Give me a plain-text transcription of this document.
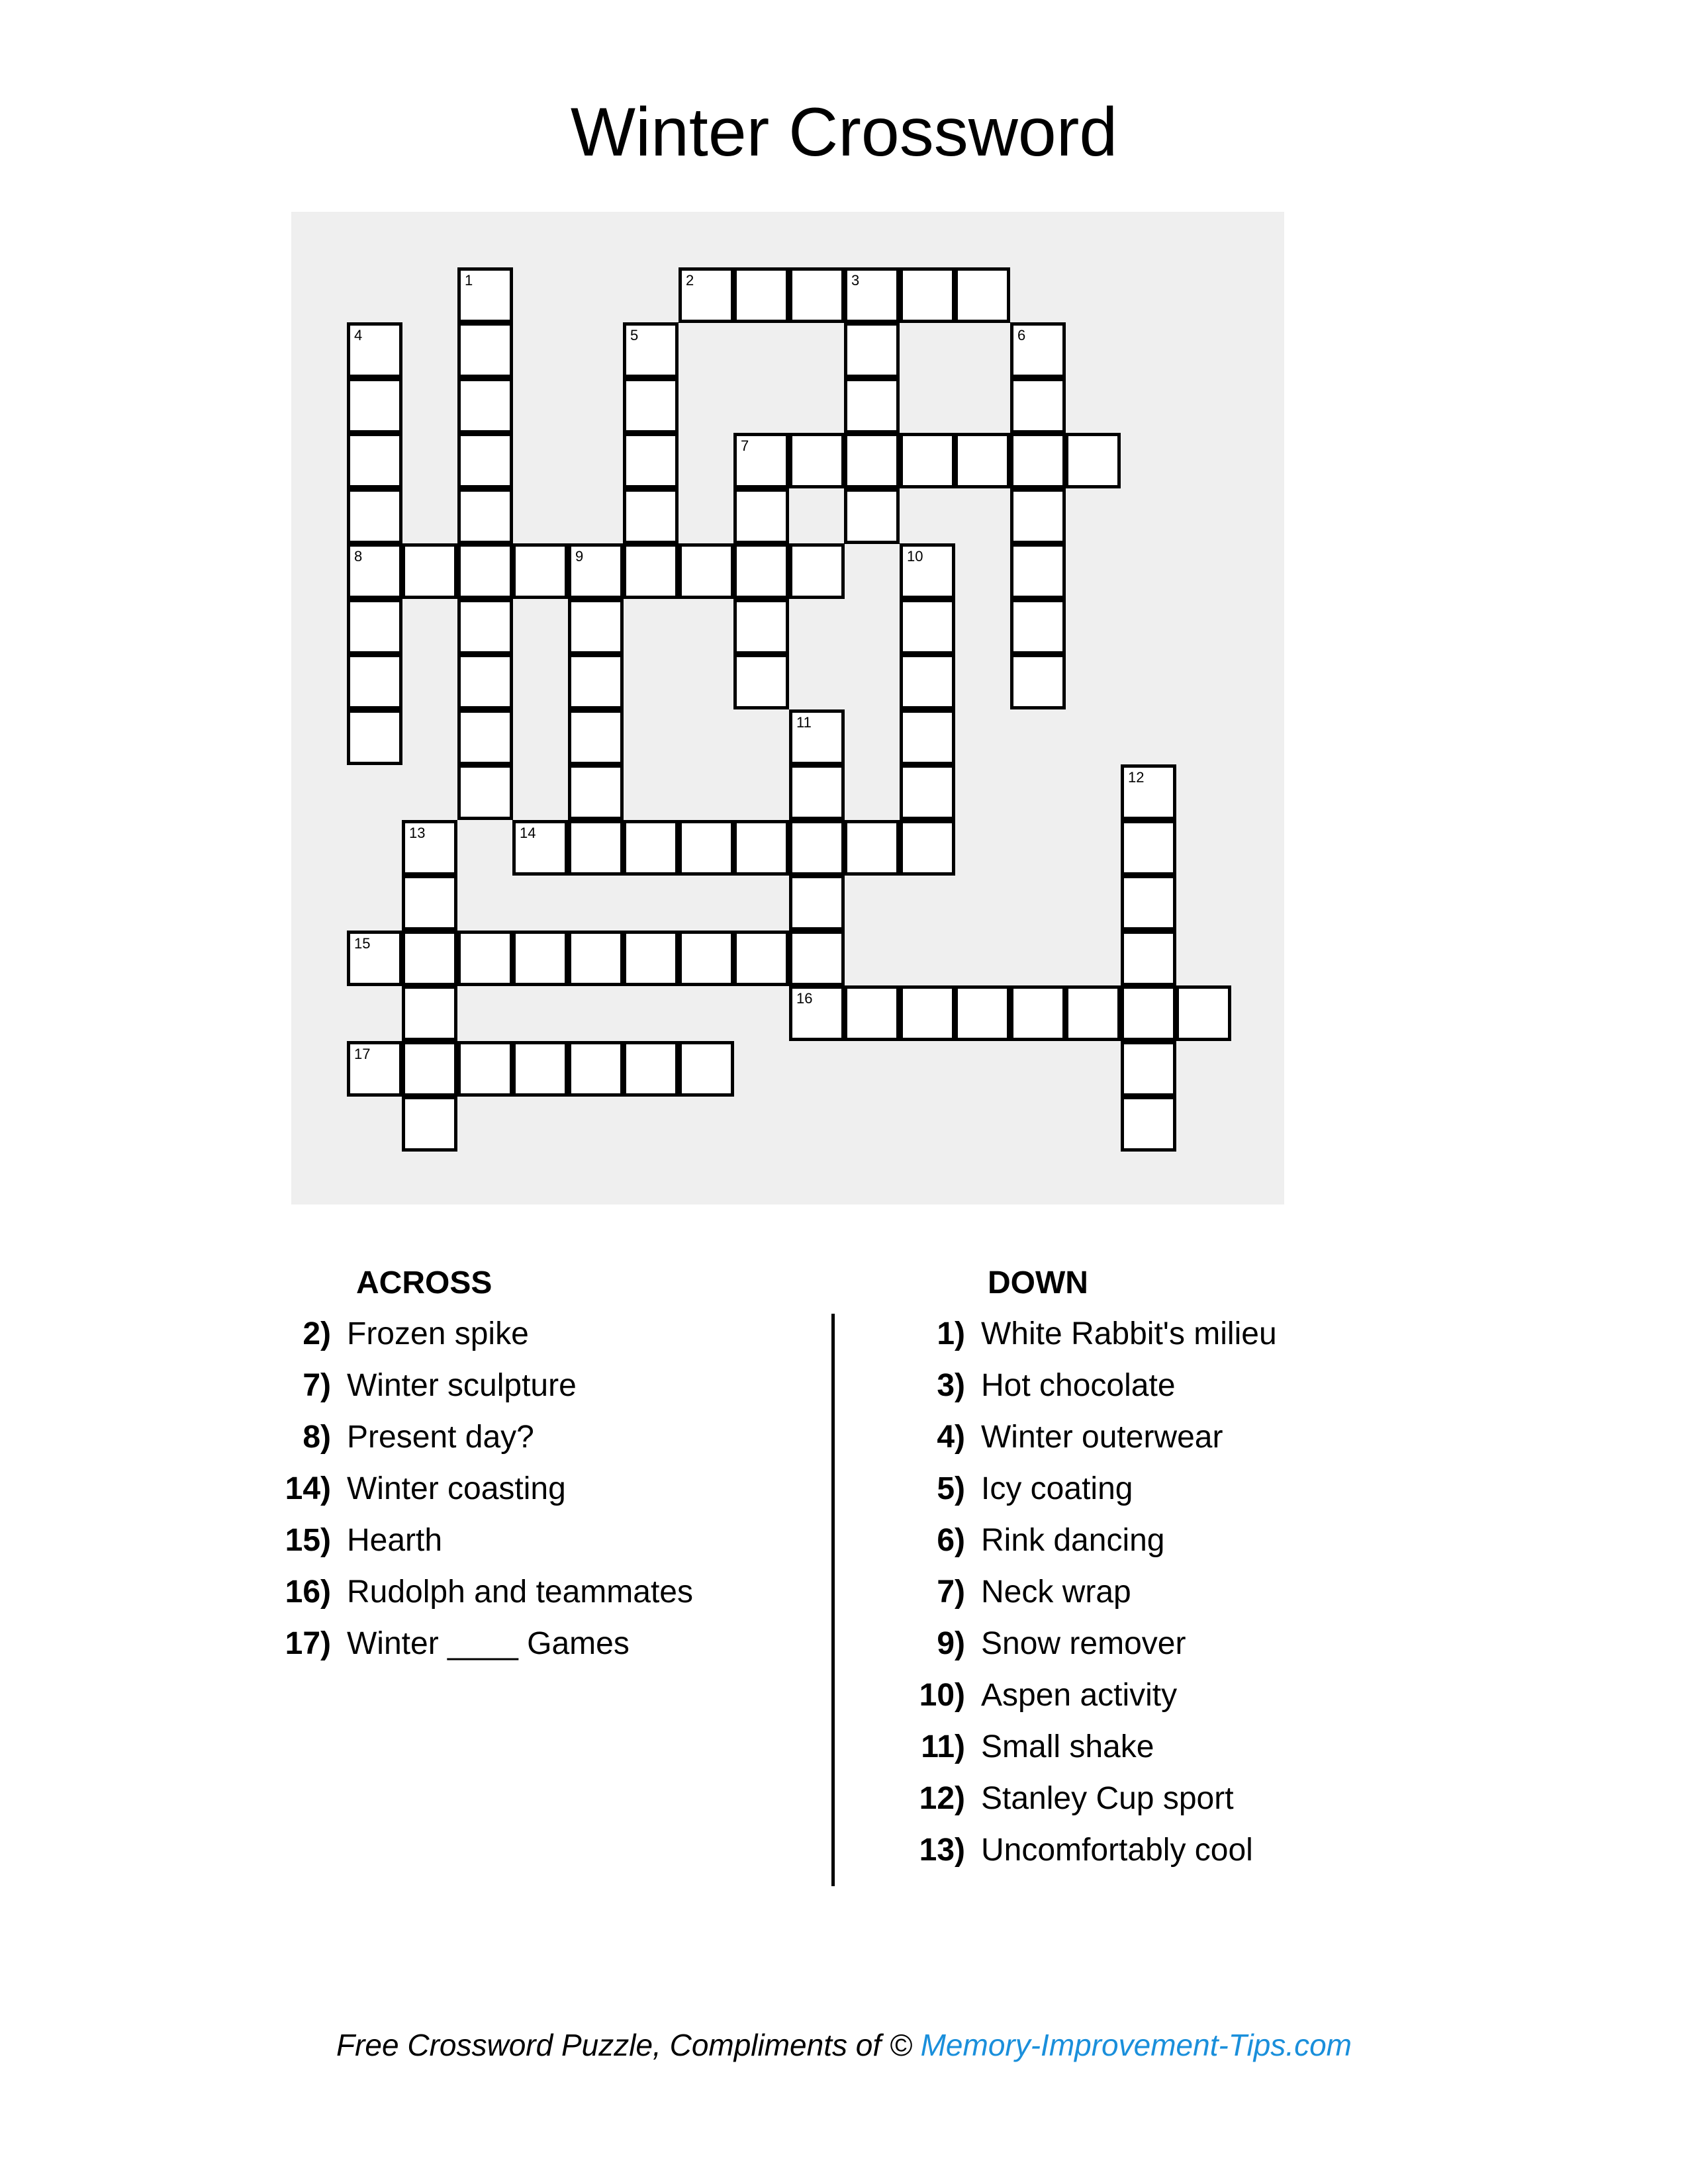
Winter Crossword
1	2	3
4
8
5	6
7
9	10
11
12
13	14
15
16
17
ACROSS	DOWN
2) Frozen spike
7) Winter sculpture
8) Present day?
14) Winter coasting
15) Hearth
16) Rudolph and teammates
17) Winter ____ Games
1) White Rabbit's milieu
3) Hot chocolate
4) Winter outerwear
5) Icy coating
6) Rink dancing
7) Neck wrap
9) Snow remover
10) Aspen activity
11) Small shake
12) Stanley Cup sport
13) Uncomfortably cool
Free Crossword Puzzle, Compliments of © Memory-Improvement-Tips.com
